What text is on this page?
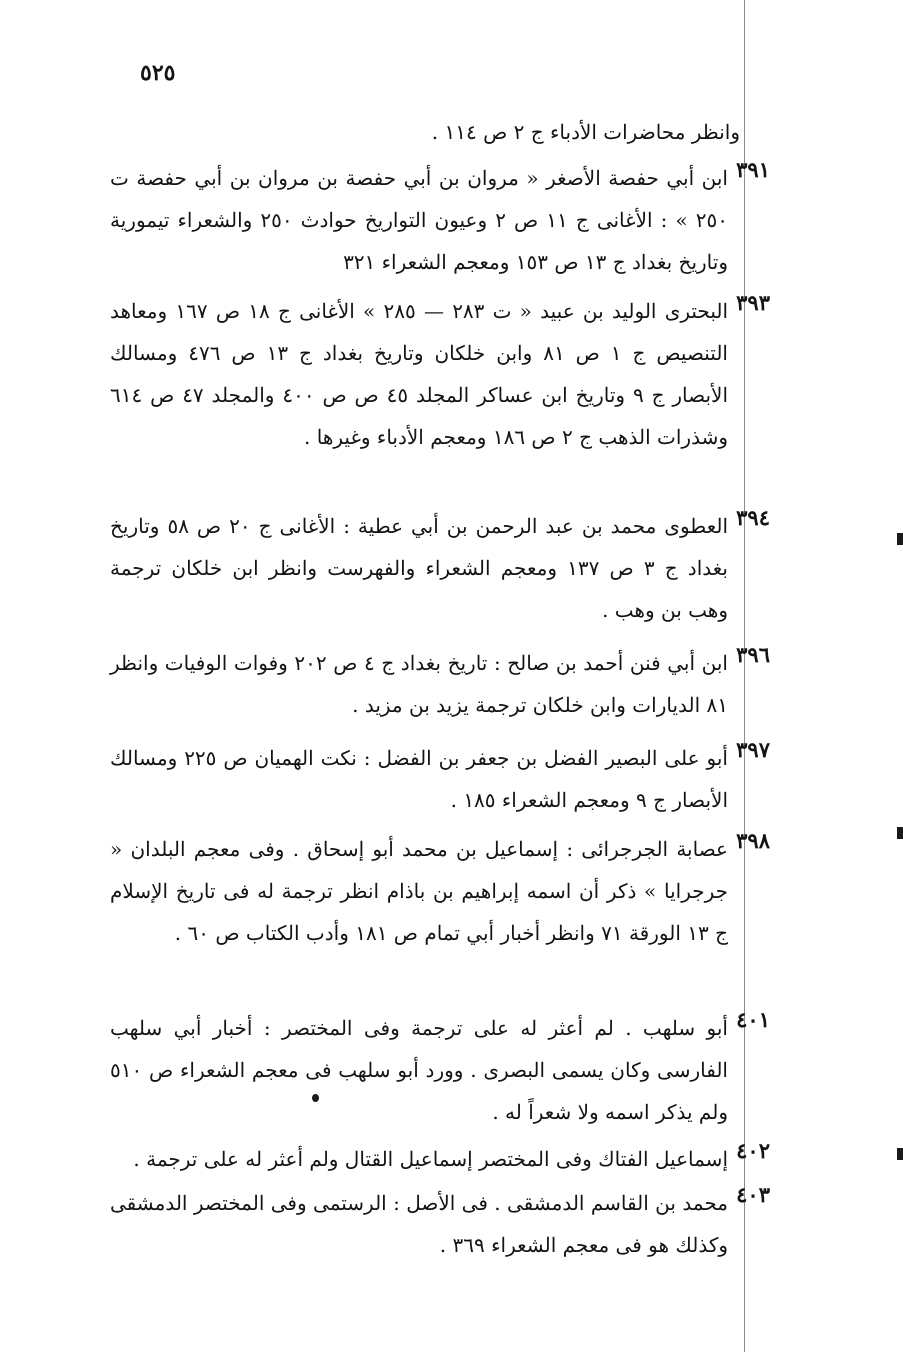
٥٢٥
وانظر محاضرات الأدباء ج ٢ ص ١١٤ .
٣٩١
ابن أبي حفصة الأصغر « مروان بن أبي حفصة بن مروان بن أبي حفصة ت ٢٥٠ » : الأغانى ج ١١ ص ٢ وعيون التواريخ حوادث ٢٥٠ والشعراء تيمورية وتاريخ بغداد ج ١٣ ص ١٥٣ ومعجم الشعراء ٣٢١
٣٩٣
البحترى الوليد بن عبيد « ت ٢٨٣ — ٢٨٥ » الأغانى ج ١٨ ص ١٦٧ ومعاهد التنصيص ج ١ ص ٨١ وابن خلكان وتاريخ بغداد ج ١٣ ص ٤٧٦ ومسالك الأبصار ج ٩ وتاريخ ابن عساكر المجلد ٤٥ ص ص ٤٠٠ والمجلد ٤٧ ص ٦١٤ وشذرات الذهب ج ٢ ص ١٨٦ ومعجم الأدباء وغيرها .
٣٩٤
العطوى محمد بن عبد الرحمن بن أبي عطية : الأغانى ج ٢٠ ص ٥٨ وتاريخ بغداد ج ٣ ص ١٣٧ ومعجم الشعراء والفهرست وانظر ابن خلكان ترجمة وهب بن وهب .
٣٩٦
ابن أبي فنن أحمد بن صالح : تاريخ بغداد ج ٤ ص ٢٠٢ وفوات الوفيات وانظر ٨١ الديارات وابن خلكان ترجمة يزيد بن مزيد .
٣٩٧
أبو على البصير الفضل بن جعفر بن الفضل : نكت الهميان ص ٢٢٥ ومسالك الأبصار ج ٩ ومعجم الشعراء ١٨٥ .
٣٩٨
عصابة الجرجرائى : إسماعيل بن محمد أبو إسحاق . وفى معجم البلدان « جرجرايا » ذكر أن اسمه إبراهيم بن باذام انظر ترجمة له فى تاريخ الإسلام ج ١٣ الورقة ٧١ وانظر أخبار أبي تمام ص ١٨١ وأدب الكتاب ص ٦٠ .
٤٠١
أبو سلهب . لم أعثر له على ترجمة وفى المختصر : أخبار أبي سلهب الفارسى وكان يسمى البصرى . وورد أبو سلهب فى معجم الشعراء ص ٥١٠ ولم يذكر اسمه ولا شعراً له .
٤٠٢
إسماعيل الفتاك وفى المختصر إسماعيل القتال ولم أعثر له على ترجمة .
٤٠٣
محمد بن القاسم الدمشقى . فى الأصل : الرستمى وفى المختصر الدمشقى وكذلك هو فى معجم الشعراء ٣٦٩ .
